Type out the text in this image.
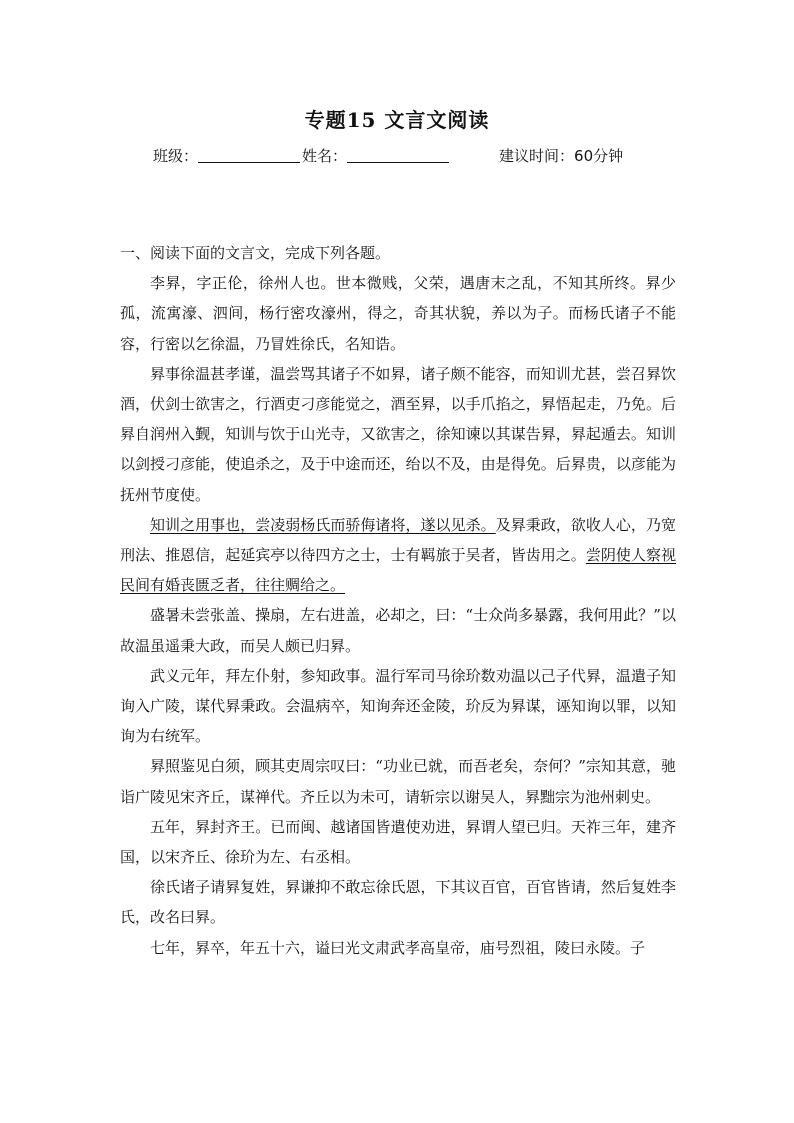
专题15 文言文阅读
班级：	姓名：	建议时间：60分钟

一、阅读下面的文言文，完成下列各题。

李昪，字正伦，徐州人也。世本微贱，父荣，遇唐末之乱，不知其所终。昪少孤，流寓濠、泗间，杨行密攻濠州，得之，奇其状貌，养以为子。而杨氏诸子不能容，行密以乞徐温，乃冒姓徐氏，名知诰。

昪事徐温甚孝谨，温尝骂其诸子不如昪，诸子颇不能容，而知训尤甚，尝召昪饮酒，伏剑士欲害之，行酒吏刁彦能觉之，酒至昪，以手爪掐之，昪悟起走，乃免。后昪自润州入觐，知训与饮于山光寺，又欲害之，徐知谏以其谋告昪，昪起遁去。知训以剑授刁彦能，使追杀之，及于中途而还，绐以不及，由是得免。后昪贵，以彦能为抚州节度使。

知训之用事也，尝凌弱杨氏而骄侮诸将，遂以见杀。及昪秉政，欲收人心，乃宽刑法、推恩信，起延宾亭以待四方之士，士有羁旅于吴者，皆齿用之。尝阴使人察视民间有婚丧匮乏者，往往赒给之。

盛暑未尝张盖、操扇，左右进盖，必却之，曰：“士众尚多暴露，我何用此？”以故温虽遥秉大政，而吴人颇已归昪。

武义元年，拜左仆射，参知政事。温行军司马徐玠数劝温以己子代昪，温遣子知询入广陵，谋代昪秉政。会温病卒，知询奔还金陵，玠反为昪谋，诬知询以罪，以知询为右统军。

昪照鉴见白须，顾其吏周宗叹曰：“功业已就，而吾老矣，奈何？”宗知其意，驰诣广陵见宋齐丘，谋禅代。齐丘以为未可，请斩宗以谢吴人，昪黜宗为池州刺史。

五年，昪封齐王。已而闽、越诸国皆遣使劝进，昪谓人望已归。天祚三年，建齐国，以宋齐丘、徐玠为左、右丞相。

徐氏诸子请昪复姓，昪谦抑不敢忘徐氏恩，下其议百官，百官皆请，然后复姓李氏，改名曰昪。

七年，昪卒，年五十六，谥曰光文肃武孝高皇帝，庙号烈祖，陵曰永陵。子
